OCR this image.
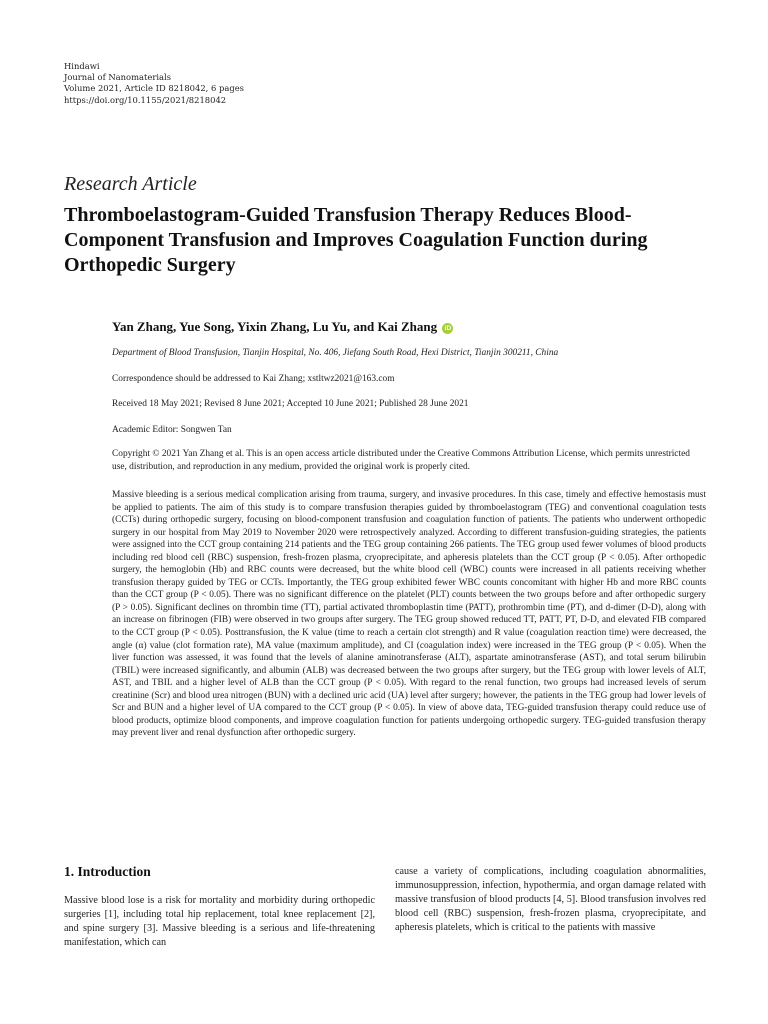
Hindawi
Journal of Nanomaterials
Volume 2021, Article ID 8218042, 6 pages
https://doi.org/10.1155/2021/8218042
Research Article
Thromboelastogram-Guided Transfusion Therapy Reduces Blood-Component Transfusion and Improves Coagulation Function during Orthopedic Surgery
Yan Zhang, Yue Song, Yixin Zhang, Lu Yu, and Kai Zhang iD
Department of Blood Transfusion, Tianjin Hospital, No. 406, Jiefang South Road, Hexi District, Tianjin 300211, China
Correspondence should be addressed to Kai Zhang; xstltwz2021@163.com
Received 18 May 2021; Revised 8 June 2021; Accepted 10 June 2021; Published 28 June 2021
Academic Editor: Songwen Tan
Copyright © 2021 Yan Zhang et al. This is an open access article distributed under the Creative Commons Attribution License, which permits unrestricted use, distribution, and reproduction in any medium, provided the original work is properly cited.
Massive bleeding is a serious medical complication arising from trauma, surgery, and invasive procedures. In this case, timely and effective hemostasis must be applied to patients. The aim of this study is to compare transfusion therapies guided by thromboelastogram (TEG) and conventional coagulation tests (CCTs) during orthopedic surgery, focusing on blood-component transfusion and coagulation function of patients. The patients who underwent orthopedic surgery in our hospital from May 2019 to November 2020 were retrospectively analyzed. According to different transfusion-guiding strategies, the patients were assigned into the CCT group containing 214 patients and the TEG group containing 266 patients. The TEG group used fewer volumes of blood products including red blood cell (RBC) suspension, fresh-frozen plasma, cryoprecipitate, and apheresis platelets than the CCT group (P < 0.05). After orthopedic surgery, the hemoglobin (Hb) and RBC counts were decreased, but the white blood cell (WBC) counts were increased in all patients receiving whether transfusion therapy guided by TEG or CCTs. Importantly, the TEG group exhibited fewer WBC counts concomitant with higher Hb and more RBC counts than the CCT group (P < 0.05). There was no significant difference on the platelet (PLT) counts between the two groups before and after orthopedic surgery (P > 0.05). Significant declines on thrombin time (TT), partial activated thromboplastin time (PATT), prothrombin time (PT), and d-dimer (D-D), along with an increase on fibrinogen (FIB) were observed in two groups after surgery. The TEG group showed reduced TT, PATT, PT, D-D, and elevated FIB compared to the CCT group (P < 0.05). Posttransfusion, the K value (time to reach a certain clot strength) and R value (coagulation reaction time) were decreased, the angle (α) value (clot formation rate), MA value (maximum amplitude), and CI (coagulation index) were increased in the TEG group (P < 0.05). When the liver function was assessed, it was found that the levels of alanine aminotransferase (ALT), aspartate aminotransferase (AST), and total serum bilirubin (TBIL) were increased significantly, and albumin (ALB) was decreased between the two groups after surgery, but the TEG group with lower levels of ALT, AST, and TBIL and a higher level of ALB than the CCT group (P < 0.05). With regard to the renal function, two groups had increased levels of serum creatinine (Scr) and blood urea nitrogen (BUN) with a declined uric acid (UA) level after surgery; however, the patients in the TEG group had lower levels of Scr and BUN and a higher level of UA compared to the CCT group (P < 0.05). In view of above data, TEG-guided transfusion therapy could reduce use of blood products, optimize blood components, and improve coagulation function for patients undergoing orthopedic surgery. TEG-guided transfusion therapy may prevent liver and renal dysfunction after orthopedic surgery.
1. Introduction
Massive blood lose is a risk for mortality and morbidity during orthopedic surgeries [1], including total hip replacement, total knee replacement [2], and spine surgery [3]. Massive bleeding is a serious and life-threatening manifestation, which can
cause a variety of complications, including coagulation abnormalities, immunosuppression, infection, hypothermia, and organ damage related with massive transfusion of blood products [4, 5]. Blood transfusion involves red blood cell (RBC) suspension, fresh-frozen plasma, cryoprecipitate, and apheresis platelets, which is critical to the patients with massive
